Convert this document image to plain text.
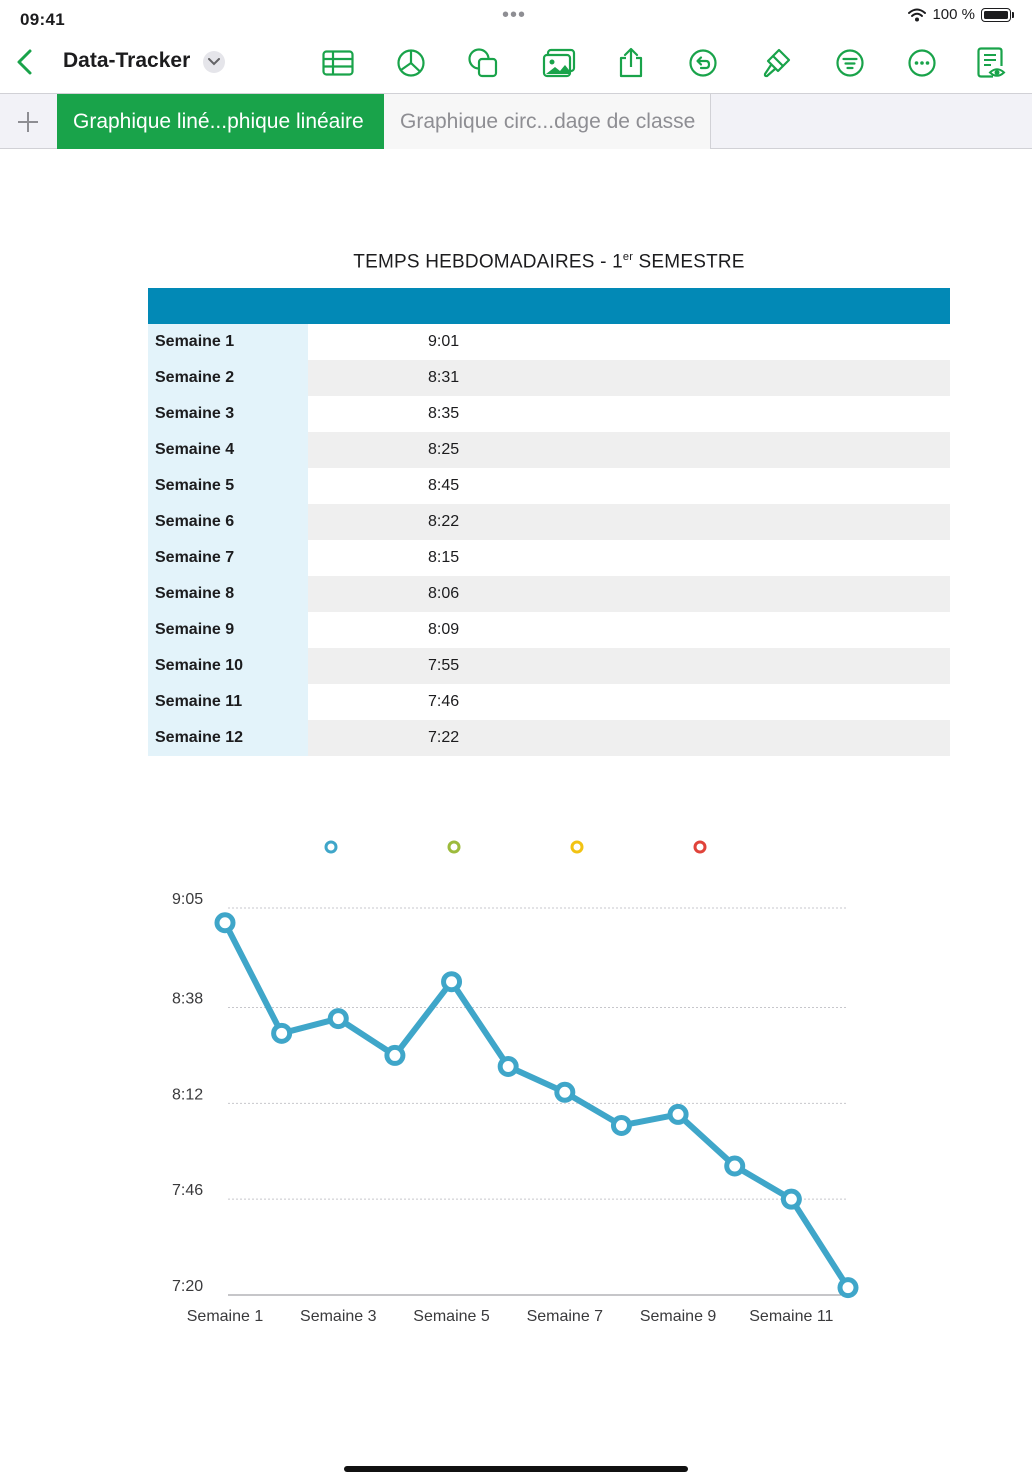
09:41	•••	100 %
Data-Tracker
Graphique liné...phique linéaire	Graphique circ...dage de classe
TEMPS HEBDOMADAIRES - 1er SEMESTRE
Semaine 1	9:01
Semaine 2	8:31
Semaine 3	8:35
Semaine 4	8:25
Semaine 5	8:45
Semaine 6	8:22
Semaine 7	8:15
Semaine 8	8:06
Semaine 9	8:09
Semaine 10	7:55
Semaine 11	7:46
Semaine 12	7:22
7:20
7:46
8:12
8:38
9:05
Semaine 1 Semaine 3 Semaine 5 Semaine 7 Semaine 9 Semaine 11
